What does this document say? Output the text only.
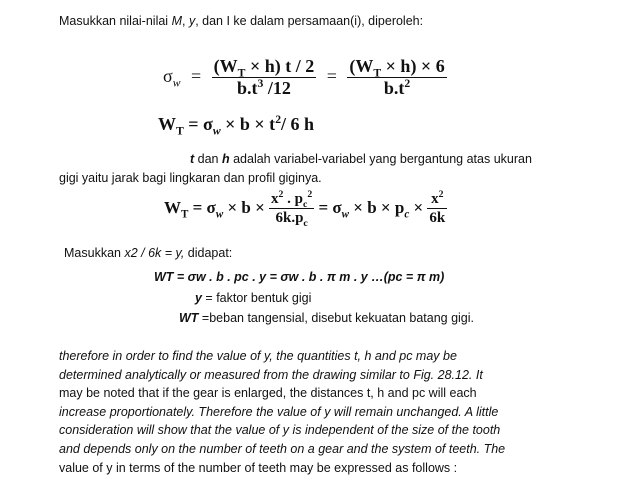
Masukkan nilai-nilai M, y, dan I ke dalam persamaan(i), diperoleh:
$\sigma_w = \frac{(W_T \times h) t / 2}{b.t^3 /12} = \frac{(W_T \times h) \times 6}{b.t^2}$
$W_T = \sigma_w \times b \times t^2/$ 6 h
t dan h adalah variabel-variabel yang bergantung atas ukuran
gigi yaitu jarak bagi lingkaran dan profil giginya.
$W_T = \sigma_w \times b \times \frac{x^2 . p_c^2}{6k.p_c} = \sigma_w \times b \times p_c \times \frac{x^2}{6k}$
Masukkan x2 / 6k = y, didapat:
WT = σw . b . pc . y = σw . b . π m . y …(pc = π m)
y = faktor bentuk gigi
WT =beban tangensial, disebut kekuatan batang gigi.
therefore in order to find the value of y, the quantities t, h and pc may be
determined analytically or measured from the drawing similar to Fig. 28.12. It
may be noted that if the gear is enlarged, the distances t, h and pc will each
increase proportionately. Therefore the value of y will remain unchanged. A little
consideration will show that the value of y is independent of the size of the tooth
and depends only on the number of teeth on a gear and the system of teeth. The
value of y in terms of the number of teeth may be expressed as follows :
